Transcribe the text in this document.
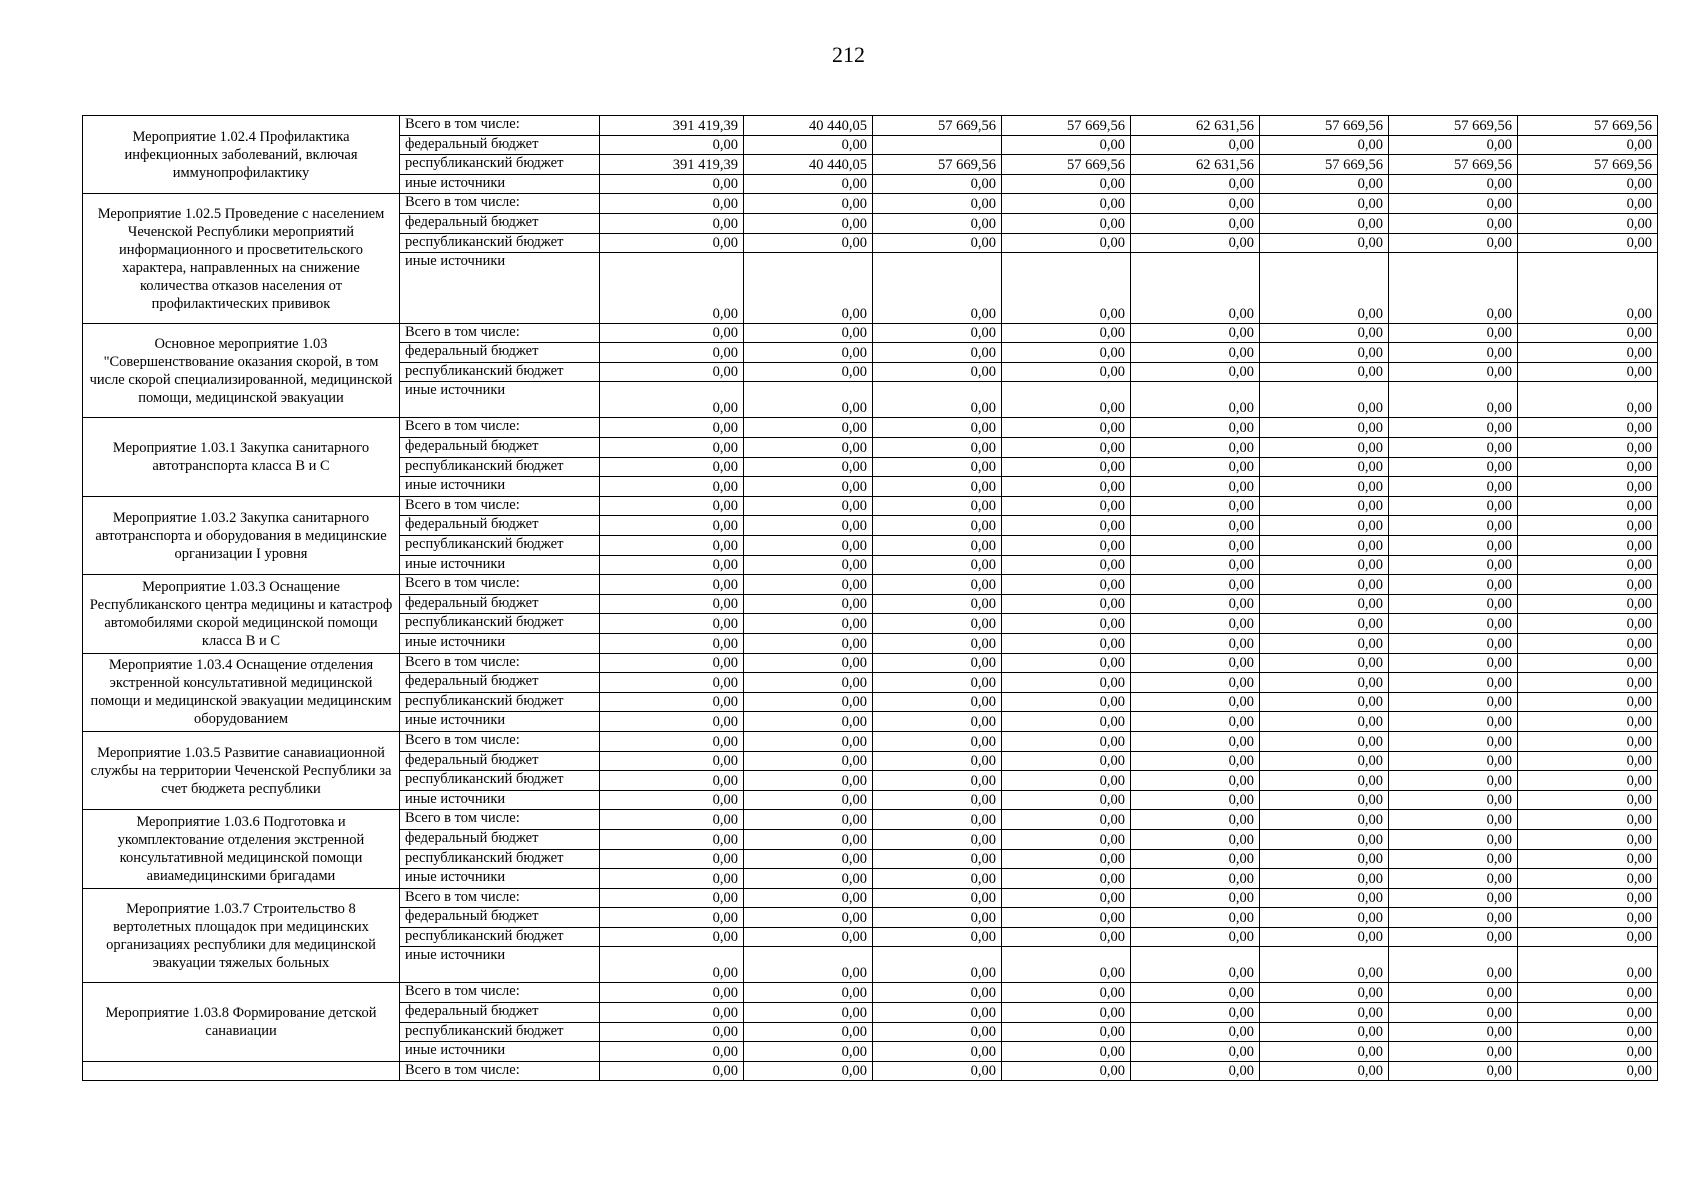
212
Мероприятие 1.02.4 Профилактика инфекционных заболеваний, включая иммунопрофилактику	Всего в том числе:	391 419,39	40 440,05	57 669,56	57 669,56	62 631,56	57 669,56	57 669,56	57 669,56
	федеральный бюджет	0,00	0,00		0,00	0,00	0,00	0,00	0,00
	республиканский бюджет	391 419,39	40 440,05	57 669,56	57 669,56	62 631,56	57 669,56	57 669,56	57 669,56
	иные источники	0,00	0,00	0,00	0,00	0,00	0,00	0,00	0,00
Мероприятие 1.02.5 Проведение с населением Чеченской Республики мероприятий информационного и просветительского характера, направленных на снижение количества отказов населения от профилактических прививок	Всего в том числе:	0,00	0,00	0,00	0,00	0,00	0,00	0,00	0,00
	федеральный бюджет	0,00	0,00	0,00	0,00	0,00	0,00	0,00	0,00
	республиканский бюджет	0,00	0,00	0,00	0,00	0,00	0,00	0,00	0,00
	иные источники	0,00	0,00	0,00	0,00	0,00	0,00	0,00	0,00
Основное мероприятие 1.03 "Совершенствование оказания скорой, в том числе скорой специализированной, медицинской помощи, медицинской эвакуации	Всего в том числе:	0,00	0,00	0,00	0,00	0,00	0,00	0,00	0,00
	федеральный бюджет	0,00	0,00	0,00	0,00	0,00	0,00	0,00	0,00
	республиканский бюджет	0,00	0,00	0,00	0,00	0,00	0,00	0,00	0,00
	иные источники	0,00	0,00	0,00	0,00	0,00	0,00	0,00	0,00
Мероприятие 1.03.1 Закупка санитарного автотранспорта класса В и С	Всего в том числе:	0,00	0,00	0,00	0,00	0,00	0,00	0,00	0,00
	федеральный бюджет	0,00	0,00	0,00	0,00	0,00	0,00	0,00	0,00
	республиканский бюджет	0,00	0,00	0,00	0,00	0,00	0,00	0,00	0,00
	иные источники	0,00	0,00	0,00	0,00	0,00	0,00	0,00	0,00
Мероприятие 1.03.2 Закупка санитарного автотранспорта и оборудования в медицинские организации I уровня	Всего в том числе:	0,00	0,00	0,00	0,00	0,00	0,00	0,00	0,00
	федеральный бюджет	0,00	0,00	0,00	0,00	0,00	0,00	0,00	0,00
	республиканский бюджет	0,00	0,00	0,00	0,00	0,00	0,00	0,00	0,00
	иные источники	0,00	0,00	0,00	0,00	0,00	0,00	0,00	0,00
Мероприятие 1.03.3 Оснащение Республиканского центра медицины и катастроф автомобилями скорой медицинской помощи класса В и С	Всего в том числе:	0,00	0,00	0,00	0,00	0,00	0,00	0,00	0,00
	федеральный бюджет	0,00	0,00	0,00	0,00	0,00	0,00	0,00	0,00
	республиканский бюджет	0,00	0,00	0,00	0,00	0,00	0,00	0,00	0,00
	иные источники	0,00	0,00	0,00	0,00	0,00	0,00	0,00	0,00
Мероприятие 1.03.4 Оснащение отделения экстренной консультативной медицинской помощи и медицинской эвакуации медицинским оборудованием	Всего в том числе:	0,00	0,00	0,00	0,00	0,00	0,00	0,00	0,00
	федеральный бюджет	0,00	0,00	0,00	0,00	0,00	0,00	0,00	0,00
	республиканский бюджет	0,00	0,00	0,00	0,00	0,00	0,00	0,00	0,00
	иные источники	0,00	0,00	0,00	0,00	0,00	0,00	0,00	0,00
Мероприятие 1.03.5 Развитие санавиационной службы на территории Чеченской Республики за счет бюджета республики	Всего в том числе:	0,00	0,00	0,00	0,00	0,00	0,00	0,00	0,00
	федеральный бюджет	0,00	0,00	0,00	0,00	0,00	0,00	0,00	0,00
	республиканский бюджет	0,00	0,00	0,00	0,00	0,00	0,00	0,00	0,00
	иные источники	0,00	0,00	0,00	0,00	0,00	0,00	0,00	0,00
Мероприятие 1.03.6 Подготовка и укомплектование отделения экстренной консультативной медицинской помощи авиамедицинскими бригадами	Всего в том числе:	0,00	0,00	0,00	0,00	0,00	0,00	0,00	0,00
	федеральный бюджет	0,00	0,00	0,00	0,00	0,00	0,00	0,00	0,00
	республиканский бюджет	0,00	0,00	0,00	0,00	0,00	0,00	0,00	0,00
	иные источники	0,00	0,00	0,00	0,00	0,00	0,00	0,00	0,00
Мероприятие 1.03.7 Строительство 8 вертолетных площадок при медицинских организациях республики для медицинской эвакуации тяжелых больных	Всего в том числе:	0,00	0,00	0,00	0,00	0,00	0,00	0,00	0,00
	федеральный бюджет	0,00	0,00	0,00	0,00	0,00	0,00	0,00	0,00
	республиканский бюджет	0,00	0,00	0,00	0,00	0,00	0,00	0,00	0,00
	иные источники	0,00	0,00	0,00	0,00	0,00	0,00	0,00	0,00
Мероприятие 1.03.8 Формирование детской санавиации	Всего в том числе:	0,00	0,00	0,00	0,00	0,00	0,00	0,00	0,00
	федеральный бюджет	0,00	0,00	0,00	0,00	0,00	0,00	0,00	0,00
	республиканский бюджет	0,00	0,00	0,00	0,00	0,00	0,00	0,00	0,00
	иные источники	0,00	0,00	0,00	0,00	0,00	0,00	0,00	0,00
	Всего в том числе:	0,00	0,00	0,00	0,00	0,00	0,00	0,00	0,00
